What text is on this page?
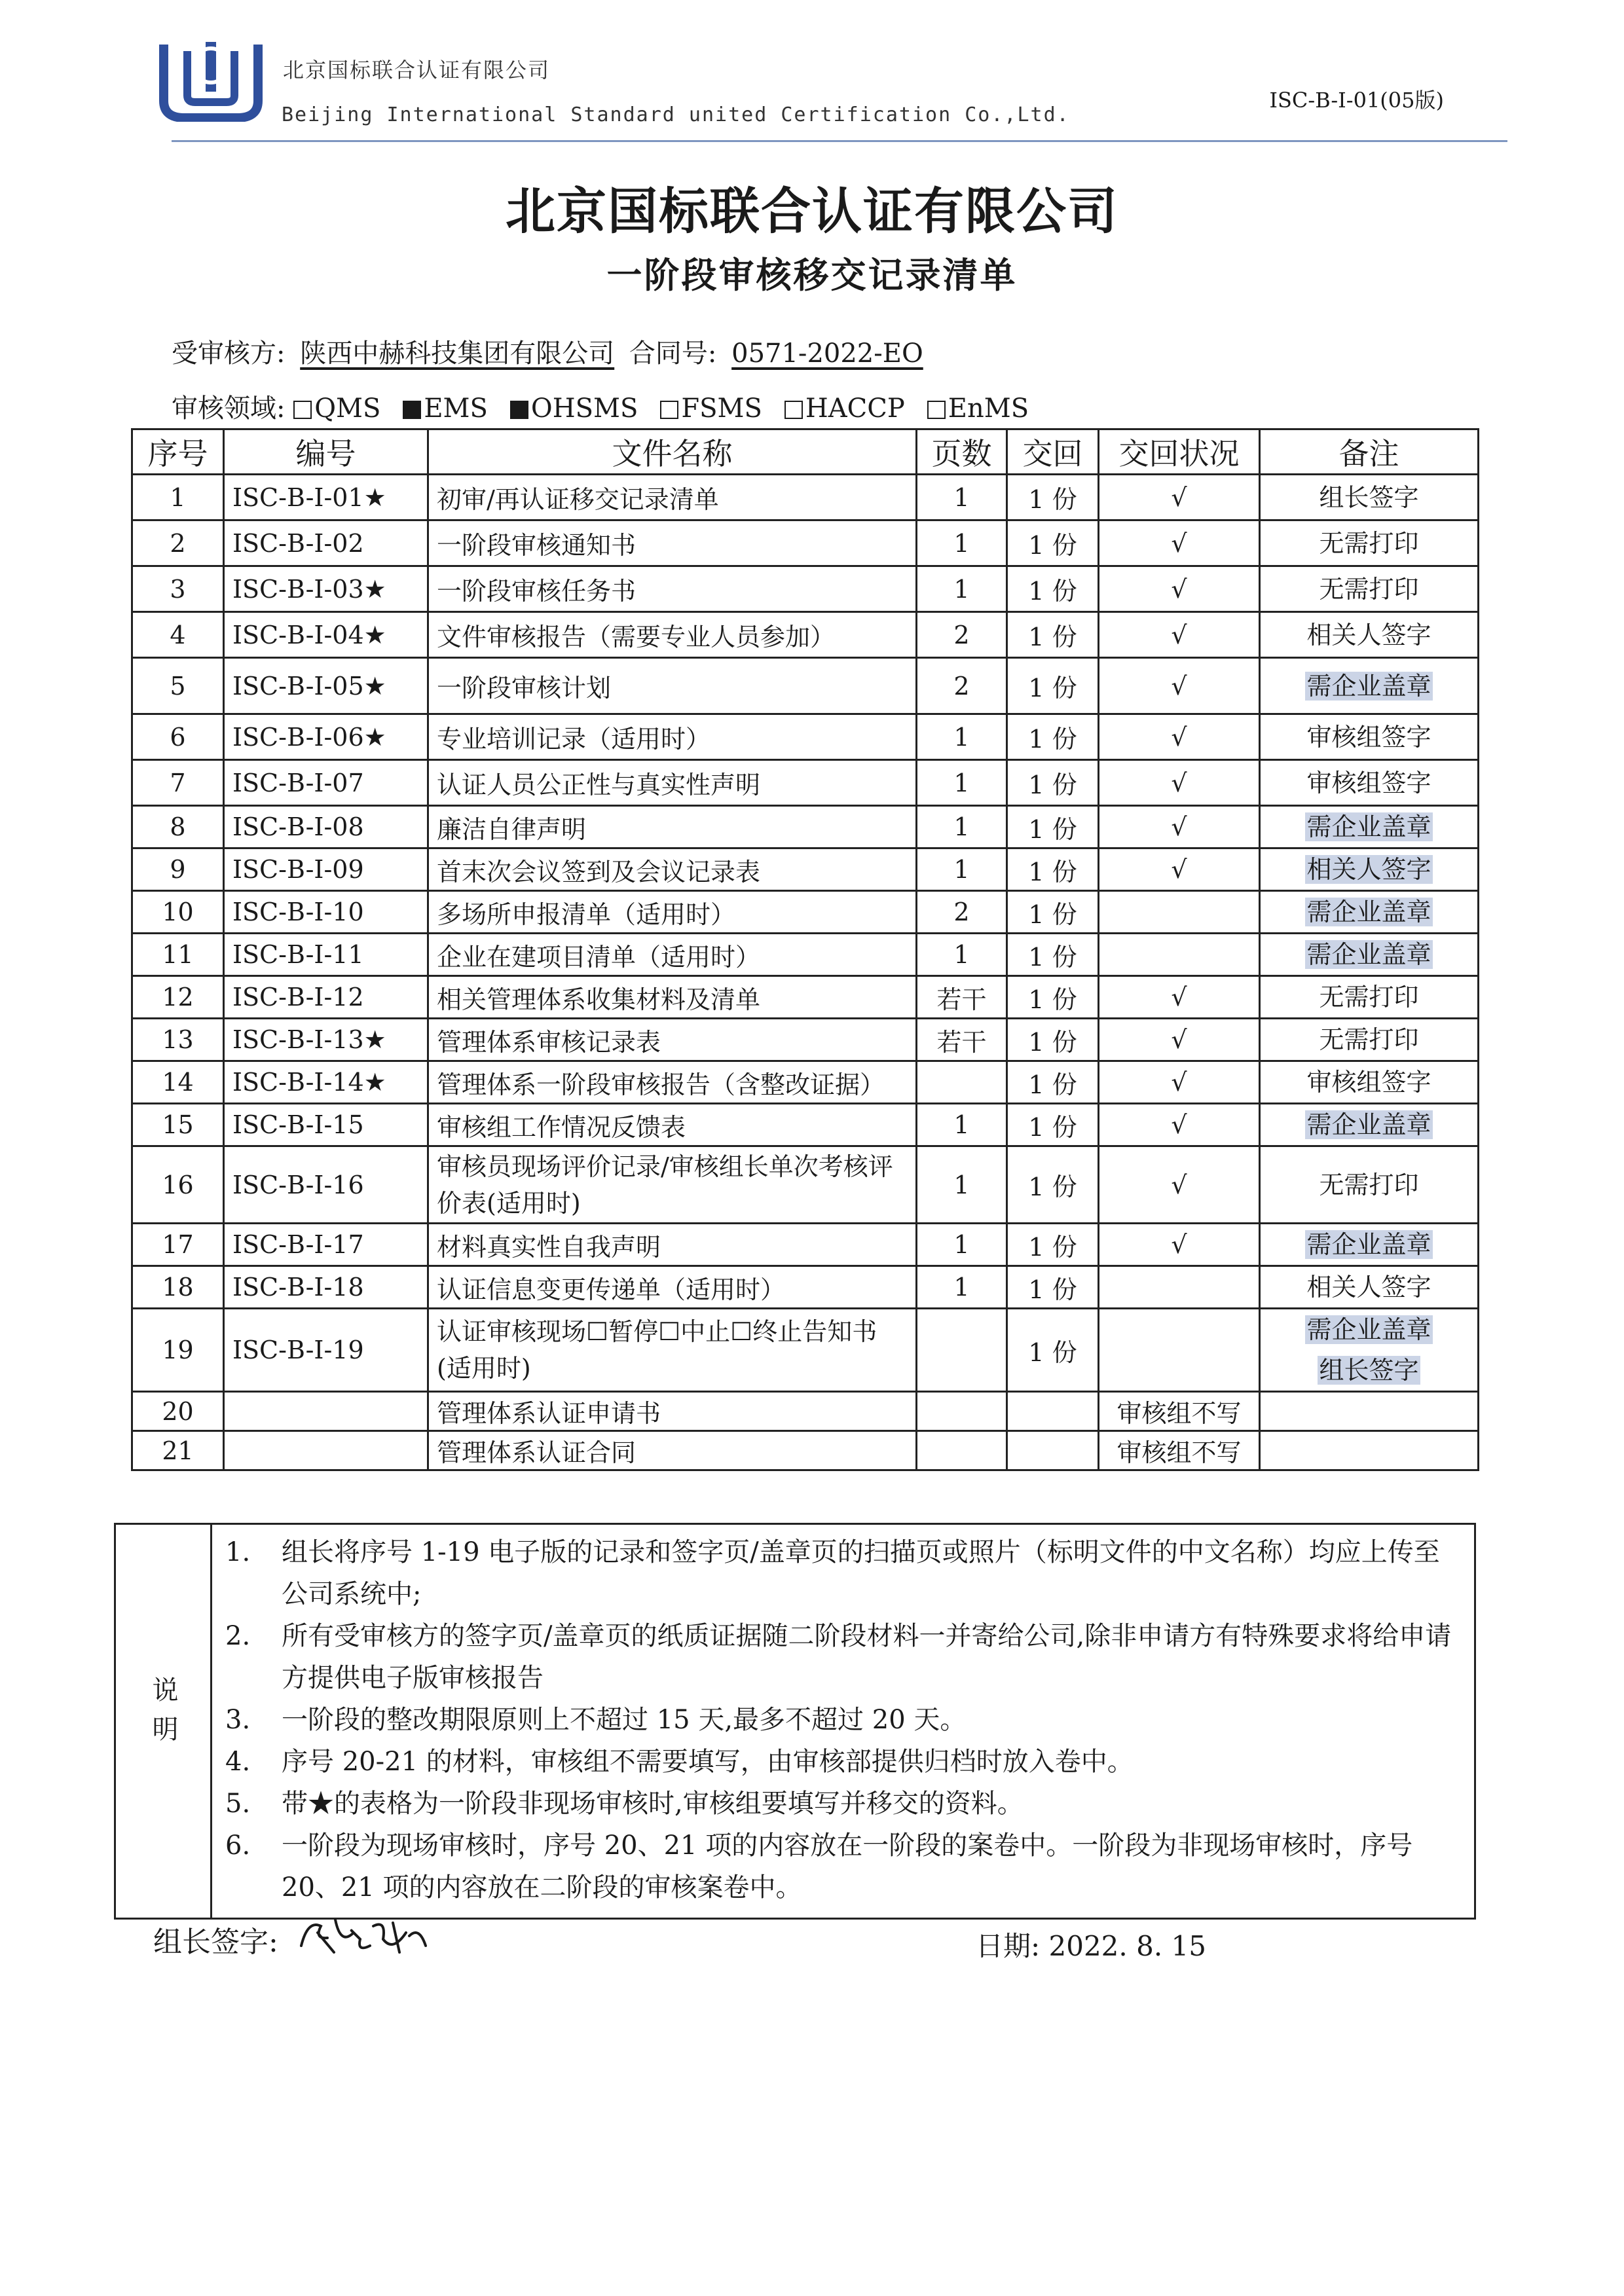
北京国标联合认证有限公司
Beijing International Standard united Certification Co.,Ltd.
ISC-B-I-01(05版)
北京国标联合认证有限公司
一阶段审核移交记录清单
受审核方: 陕西中赫科技集团有限公司 合同号: 0571-2022-EO
审核领域: QMS EMS OHSMS FSMS HACCP EnMS
序号	编号	文件名称	页数	交回	交回状况	备注
1	ISC-B-I-01★	初审/再认证移交记录清单	1	1 份	√	组长签字

2	ISC-B-I-02	一阶段审核通知书	1	1 份	√	无需打印

3	ISC-B-I-03★	一阶段审核任务书	1	1 份	√	无需打印

4	ISC-B-I-04★	文件审核报告（需要专业人员参加）	2	1 份	√	相关人签字

5	ISC-B-I-05★	一阶段审核计划	2	1 份	√	需企业盖章

6	ISC-B-I-06★	专业培训记录（适用时）	1	1 份	√	审核组签字

7	ISC-B-I-07	认证人员公正性与真实性声明	1	1 份	√	审核组签字

8	ISC-B-I-08	廉洁自律声明	1	1 份	√	需企业盖章

9	ISC-B-I-09	首末次会议签到及会议记录表	1	1 份	√	相关人签字

10	ISC-B-I-10	多场所申报清单（适用时）	2	1 份		需企业盖章

11	ISC-B-I-11	企业在建项目清单（适用时）	1	1 份		需企业盖章

12	ISC-B-I-12	相关管理体系收集材料及清单	若干	1 份	√	无需打印

13	ISC-B-I-13★	管理体系审核记录表	若干	1 份	√	无需打印

14	ISC-B-I-14★	管理体系一阶段审核报告（含整改证据）		1 份	√	审核组签字

15	ISC-B-I-15	审核组工作情况反馈表	1	1 份	√	需企业盖章

16	ISC-B-I-16	审核员现场评价记录/审核组长单次考核评价表(适用时)	1	1 份	√	无需打印

17	ISC-B-I-17	材料真实性自我声明	1	1 份	√	需企业盖章

18	ISC-B-I-18	认证信息变更传递单（适用时）	1	1 份		相关人签字

19	ISC-B-I-19	认证审核现场☐暂停☐中止☐终止告知书(适用时)		1 份		需企业盖章
组长签字

20		管理体系认证申请书			审核组不写	
21		管理体系认证合同			审核组不写	
说明	
1.	组长将序号 1-19 电子版的记录和签字页/盖章页的扫描页或照片（标明文件的中文名称）均应上传至公司系统中;
2.	所有受审核方的签字页/盖章页的纸质证据随二阶段材料一并寄给公司,除非申请方有特殊要求将给申请方提供电子版审核报告
3.	一阶段的整改期限原则上不超过 15 天,最多不超过 20 天。
4.	序号 20-21 的材料，审核组不需要填写，由审核部提供归档时放入卷中。
5.	带★的表格为一阶段非现场审核时,审核组要填写并移交的资料。
6.	一阶段为现场审核时，序号 20、21 项的内容放在一阶段的案卷中。一阶段为非现场审核时，序号 20、21 项的内容放在二阶段的审核案卷中。
组长签字:	日期: 2022. 8. 15
